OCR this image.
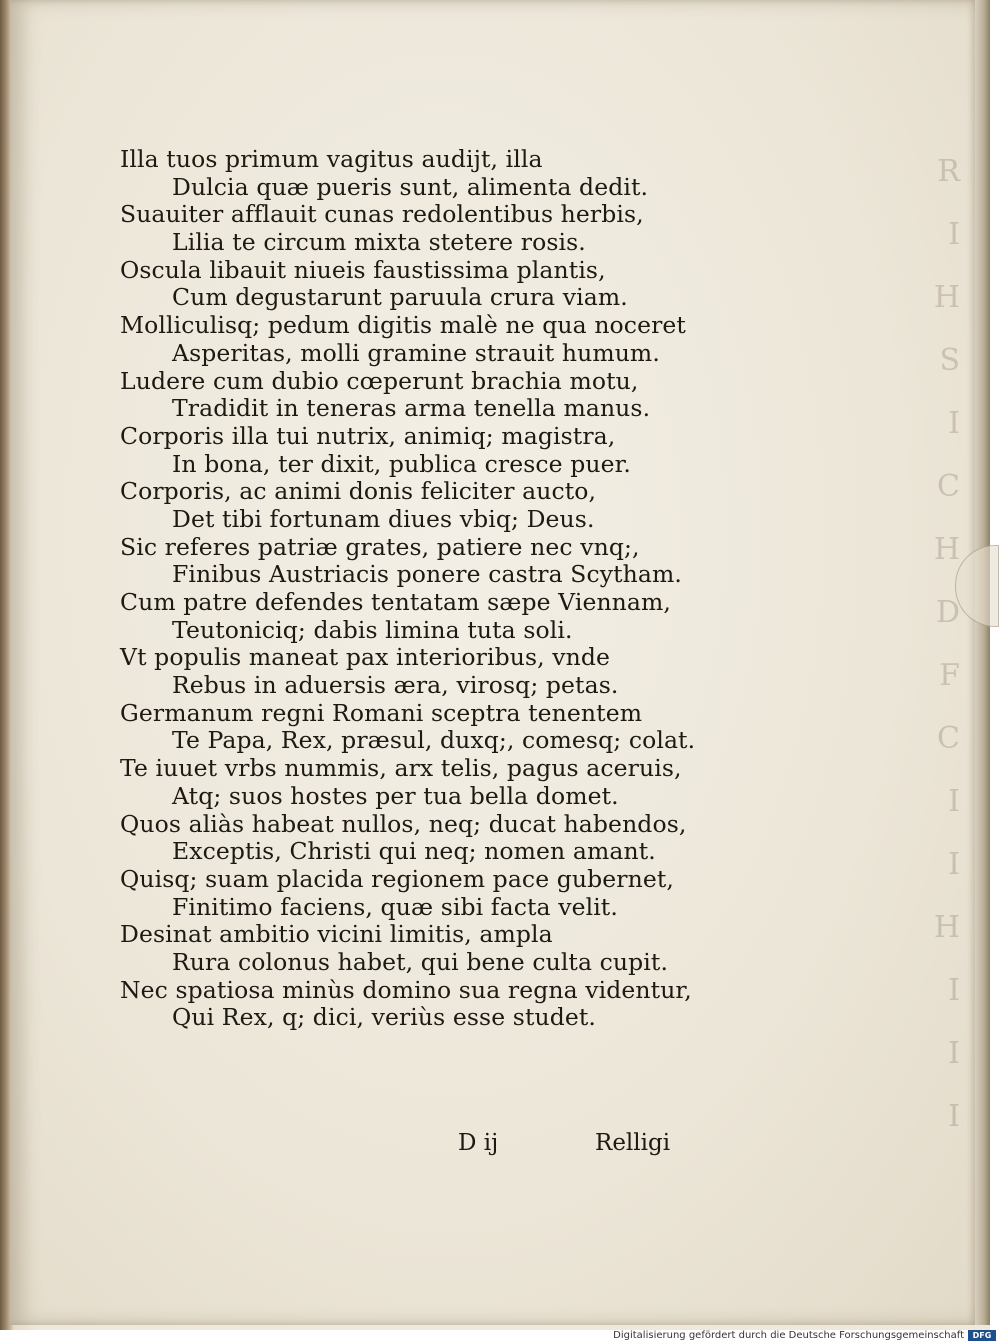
R
I
H
S
I
C
H
D
F
C
I
I
H
I
I
I
Illa tuos primum vagitus audijt, illa
Dulcia quæ pueris sunt, alimenta dedit.
Suauiter afflauit cunas redolentibus herbis,
Lilia te circum mixta stetere rosis.
Oscula libauit niueis faustissima plantis,
Cum degustarunt paruula crura viam.
Molliculisq; pedum digitis malè ne qua noceret
Asperitas, molli gramine strauit humum.
Ludere cum dubio cœperunt brachia motu,
Tradidit in teneras arma tenella manus.
Corporis illa tui nutrix, animiq; magistra,
In bona, ter dixit, publica cresce puer.
Corporis, ac animi donis feliciter aucto,
Det tibi fortunam diues vbiq; Deus.
Sic referes patriæ grates, patiere nec vnq;,
Finibus Austriacis ponere castra Scytham.
Cum patre defendes tentatam sæpe Viennam,
Teutoniciq; dabis limina tuta soli.
Vt populis maneat pax interioribus, vnde
Rebus in aduersis æra, virosq; petas.
Germanum regni Romani sceptra tenentem
Te Papa, Rex, præsul, duxq;, comesq; colat.
Te iuuet vrbs nummis, arx telis, pagus aceruis,
Atq; suos hostes per tua bella domet.
Quos aliàs habeat nullos, neq; ducat habendos,
Exceptis, Christi qui neq; nomen amant.
Quisq; suam placida regionem pace gubernet,
Finitimo faciens, quæ sibi facta velit.
Desinat ambitio vicini limitis, ampla
Rura colonus habet, qui bene culta cupit.
Nec spatiosa minùs domino sua regna videntur,
Qui Rex, q; dici, veriùs esse studet.
D ij	Relligi
Digitalisierung gefördert durch die Deutsche Forschungsgemeinschaft	DFG
